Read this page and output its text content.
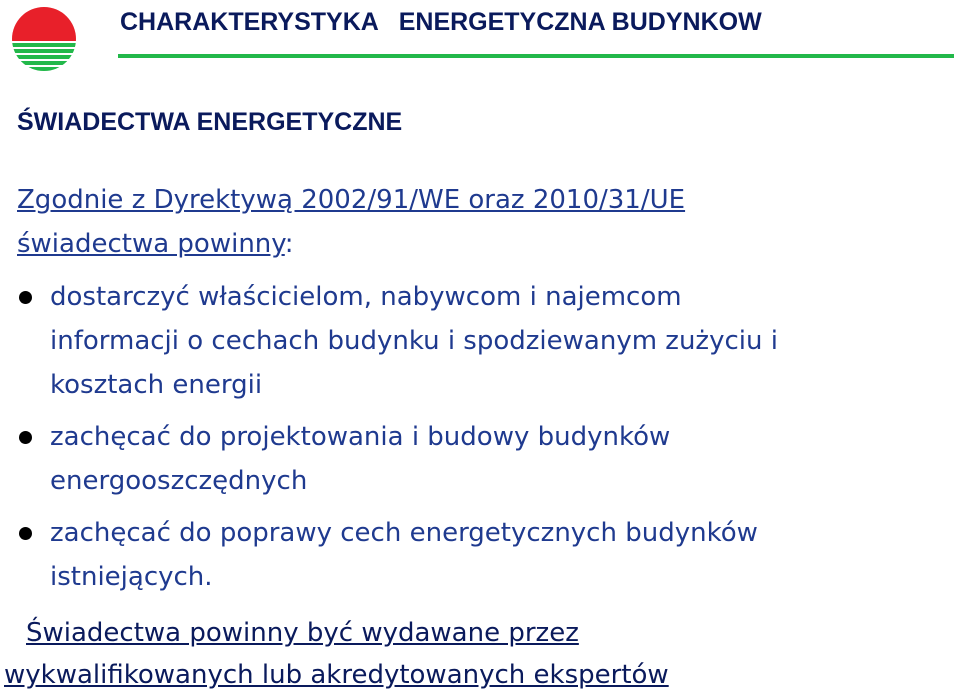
CHARAKTERYSTYKA   ENERGETYCZNA BUDYNKOW
ŚWIADECTWA ENERGETYCZNE
Zgodnie z Dyrektywą 2002/91/WE oraz 2010/31/UE
świadectwa powinny:
dostarczyć właścicielom, nabywcom i najemcom
informacji o cechach budynku i spodziewanym zużyciu i
kosztach energii
zachęcać do projektowania i budowy budynków
energooszczędnych
zachęcać do poprawy cech energetycznych budynków
istniejących.
Świadectwa powinny być wydawane przez
wykwalifikowanych lub akredytowanych ekspertów
